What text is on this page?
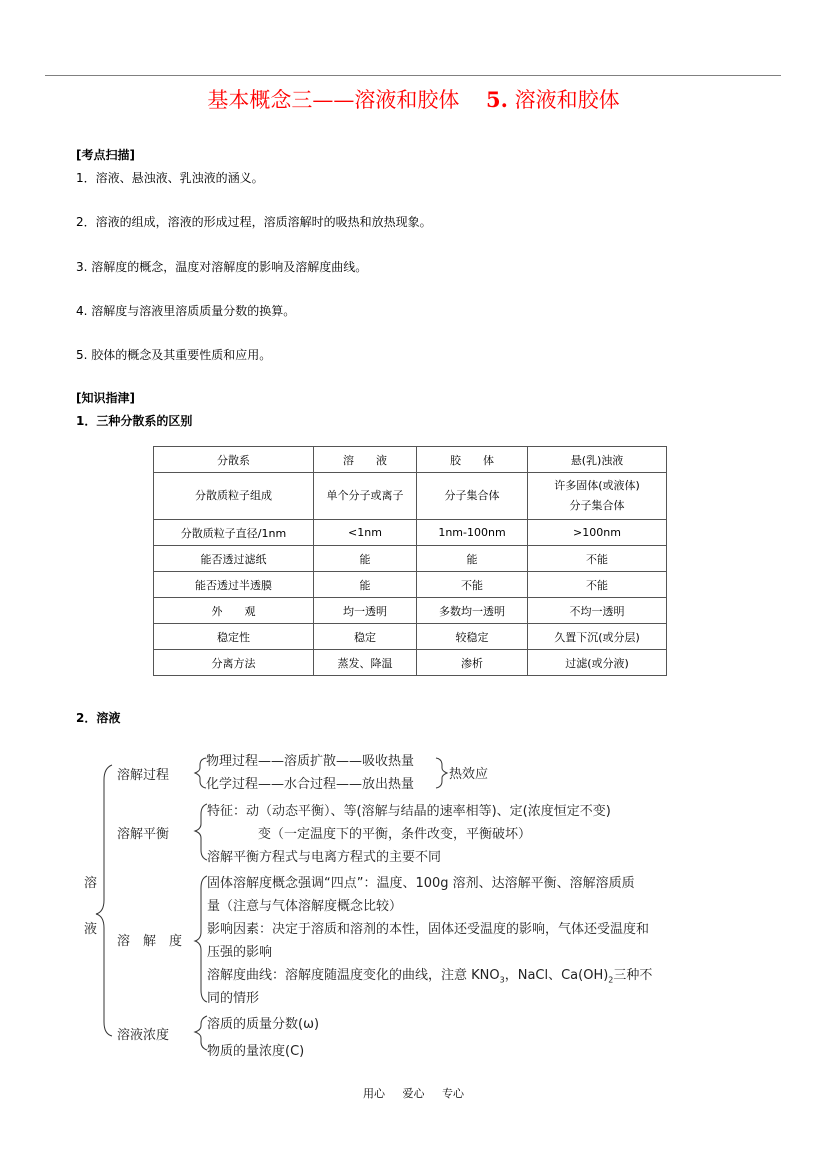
基本概念三——溶液和胶体 5. 溶液和胶体
[考点扫描]
1．溶液、悬浊液、乳浊液的涵义。
2．溶液的组成，溶液的形成过程，溶质溶解时的吸热和放热现象。
3. 溶解度的概念，温度对溶解度的影响及溶解度曲线。
4. 溶解度与溶液里溶质质量分数的换算。
5. 胶体的概念及其重要性质和应用。
[知识指津]
1．三种分散系的区别
分散系	溶　　液	胶　　体	悬(乳)浊液
分散质粒子组成	单个分子或离子	分子集合体	许多固体(或液体)
分子集合体

分散质粒子直径/1nm	<1nm	1nm-100nm	>100nm
能否透过滤纸	能	能	不能
能否透过半透膜	能	不能	不能
外　　观	均一透明	多数均一透明	不均一透明
稳定性	稳定	较稳定	久置下沉(或分层)
分离方法	蒸发、降温	渗析	过滤(或分液)
2．溶液
溶
液
溶解过程
物理过程——溶质扩散——吸收热量
化学过程——水合过程——放出热量
热效应
溶解平衡
特征：动（动态平衡）、等(溶解与结晶的速率相等)、定(浓度恒定不变)
变（一定温度下的平衡，条件改变，平衡破坏）
溶解平衡方程式与电离方程式的主要不同
溶　解　度
固体溶解度概念强调“四点”：温度、100g 溶剂、达溶解平衡、溶解溶质质
量（注意与气体溶解度概念比较）
影响因素：决定于溶质和溶剂的本性，固体还受温度的影响，气体还受温度和
压强的影响
溶解度曲线：溶解度随温度变化的曲线，注意 $KNO_3$，NaCl、$Ca(OH)_2$三种不
同的情形
溶液浓度
溶质的质量分数(ω)
物质的量浓度(C)
用心 爱心 专心
